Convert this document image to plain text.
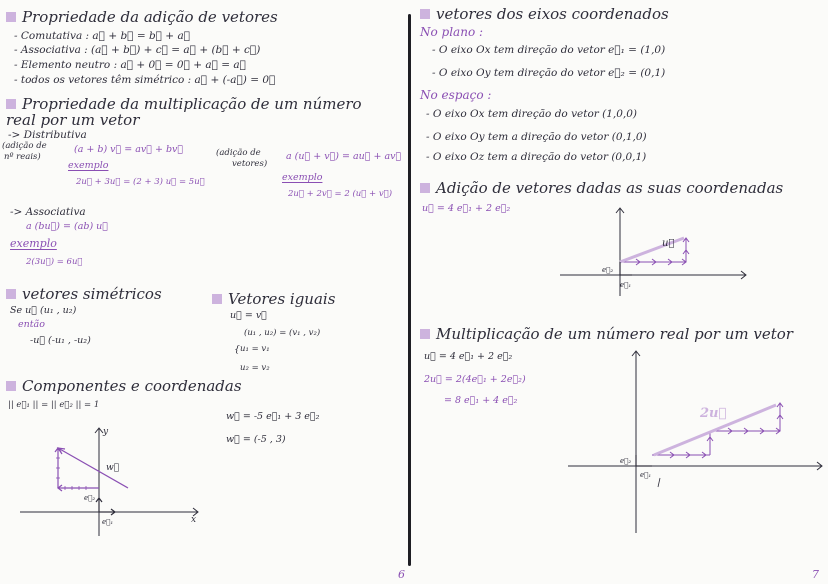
Propriedade da adição de vetores
- Comutativa : a⃗ + b⃗ = b⃗ + a⃗
- Associativa : (a⃗ + b⃗) + c⃗ = a⃗ + (b⃗ + c⃗)
- Elemento neutro : a⃗ + 0⃗ = 0⃗ + a⃗ = a⃗
- todos os vetores têm simétrico : a⃗ + (-a⃗) = 0⃗
Propriedade da multiplicação de um número
real por um vetor
-> Distributiva
(adição de
nº reais)
(a + b) v⃗ = av⃗ + bv⃗
exemplo
2u⃗ + 3u⃗ = (2 + 3) u⃗ = 5u⃗
(adição de
vetores)
a (u⃗ + v⃗) = au⃗ + av⃗
exemplo
2u⃗ + 2v⃗ = 2 (u⃗ + v⃗)
-> Associativa
a (bu⃗) = (ab) u⃗
exemplo
2(3u⃗) = 6u⃗
vetores simétricos
Se u⃗ (u₁ , u₂)
então
-u⃗ (-u₁ , -u₂)
Vetores iguais
u⃗ = v⃗
(u₁ , u₂) = (v₁ , v₂)
{ u₁ = v₁
u₂ = v₂
Componentes e coordenadas
|| e⃗₁ || = || e⃗₂ || = 1
w⃗ = -5 e⃗₁ + 3 e⃗₂
w⃗ = (-5 , 3)
y
x
w⃗
e⃗₂
e⃗₁
6
vetores dos eixos coordenados
No plano :
- O eixo Ox tem direção do vetor e⃗₁ = (1,0)
- O eixo Oy tem direção do vetor e⃗₂ = (0,1)
No espaço :
- O eixo Ox tem direção do vetor (1,0,0)
- O eixo Oy tem a direção do vetor (0,1,0)
- O eixo Oz tem a direção do vetor (0,0,1)
Adição de vetores dadas as suas coordenadas
u⃗ = 4 e⃗₁ + 2 e⃗₂
u⃗
e⃗₂
e⃗₁
Multiplicação de um número real por um vetor
u⃗ = 4 e⃗₁ + 2 e⃗₂
2u⃗ = 2(4e⃗₁ + 2e⃗₂)
= 8 e⃗₁ + 4 e⃗₂
2u⃗
e⃗₂
e⃗₁
7
